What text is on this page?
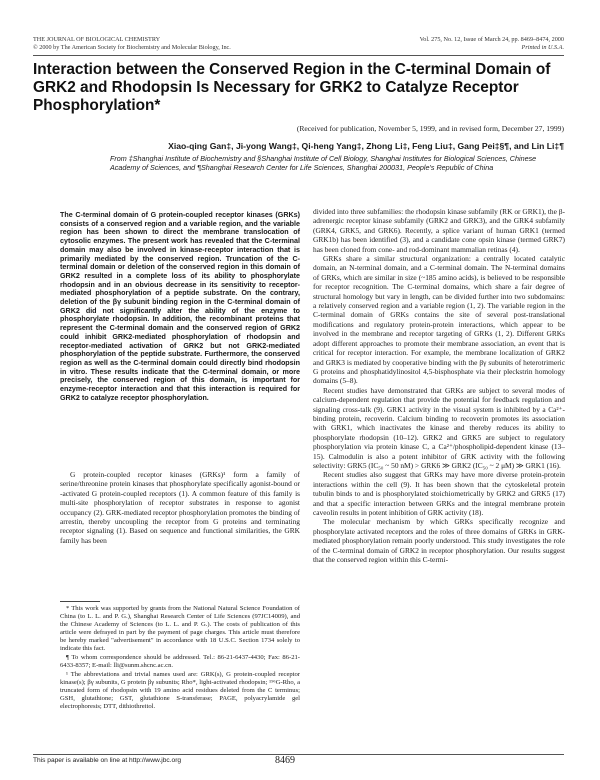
THE JOURNAL OF BIOLOGICAL CHEMISTRY
© 2000 by The American Society for Biochemistry and Molecular Biology, Inc.
Vol. 275, No. 12, Issue of March 24, pp. 8469–8474, 2000
Printed in U.S.A.
Interaction between the Conserved Region in the C-terminal Domain of GRK2 and Rhodopsin Is Necessary for GRK2 to Catalyze Receptor Phosphorylation*
(Received for publication, November 5, 1999, and in revised form, December 27, 1999)
Xiao-qing Gan‡, Ji-yong Wang‡, Qi-heng Yang‡, Zhong Li‡, Feng Liu‡, Gang Pei‡§¶, and Lin Li‡¶
From ‡Shanghai Institute of Biochemistry and §Shanghai Institute of Cell Biology, Shanghai Institutes for Biological Sciences, Chinese Academy of Sciences, and ¶Shanghai Research Center for Life Sciences, Shanghai 200031, People's Republic of China
The C-terminal domain of G protein-coupled receptor kinases (GRKs) consists of a conserved region and a variable region, and the variable region has been shown to direct the membrane translocation of cytosolic enzymes. The present work has revealed that the C-terminal domain may also be involved in kinase-receptor interaction that is primarily mediated by the conserved region. Truncation of the C-terminal domain or deletion of the conserved region in this domain of GRK2 resulted in a complete loss of its ability to phosphorylate rhodopsin and in an obvious decrease in its sensitivity to receptor-mediated phosphorylation of a peptide substrate. On the contrary, deletion of the βγ subunit binding region in the C-terminal domain of GRK2 did not significantly alter the ability of the enzyme to phosphorylate rhodopsin. In addition, the recombinant proteins that represent the C-terminal domain and the conserved region of GRK2 could inhibit GRK2-mediated phosphorylation of rhodopsin and receptor-mediated activation of GRK2 but not GRK2-mediated phosphorylation of the peptide substrate. Furthermore, the conserved region as well as the C-terminal domain could directly bind rhodopsin in vitro. These results indicate that the C-terminal domain, or more precisely, the conserved region of this domain, is important for enzyme-receptor interaction and that this interaction is required for GRK2 to catalyze receptor phosphorylation.

G protein-coupled receptor kinases (GRKs)¹ form a family of serine/threonine protein kinases that phosphorylate specifically agonist-bound or -activated G protein-coupled receptors (1). A common feature of this family is multi-site phosphorylation of receptor substrates in response to agonist occupancy (2). GRK-mediated receptor phosphorylation promotes the binding of arrestin, thereby uncoupling the receptor from G proteins and terminating receptor signaling (1). Based on sequence and functional similarities, the GRK family has been

* This work was supported by grants from the National Natural Science Foundation of China (to L. L. and P. G.), Shanghai Research Center of Life Sciences (97JC14009), and the Chinese Academy of Sciences (to L. L. and P. G.). The costs of publication of this article were defrayed in part by the payment of page charges. This article must therefore be hereby marked "advertisement" in accordance with 18 U.S.C. Section 1734 solely to indicate this fact.

¶ To whom correspondence should be addressed. Tel.: 86-21-6437-4430; Fax: 86-21-6433-8357; E-mail: lli@sunm.shcnc.ac.cn.

¹ The abbreviations and trivial names used are: GRK(s), G protein-coupled receptor kinase(s); βγ subunits, G protein βγ subunits; Rho*, light-activated rhodopsin; ¹⁹⁶G-Rho, a truncated form of rhodopsin with 19 amino acid residues deleted from the C terminus; GSH, glutathione; GST, glutathione S-transferase; PAGE, polyacrylamide gel electrophoresis; DTT, dithiothreitol.

divided into three subfamilies: the rhodopsin kinase subfamily (RK or GRK1), the β-adrenergic receptor kinase subfamily (GRK2 and GRK3), and the GRK4 subfamily (GRK4, GRK5, and GRK6). Recently, a splice variant of human GRK1 (termed GRK1b) has been identified (3), and a candidate cone opsin kinase (termed GRK7) has been cloned from cone- and rod-dominant mammalian retinas (4).

GRKs share a similar structural organization: a centrally located catalytic domain, an N-terminal domain, and a C-terminal domain. The N-terminal domains of GRKs, which are similar in size (~185 amino acids), is believed to be responsible for receptor recognition. The C-terminal domains, which share a fair degree of structural homology but vary in length, can be divided further into two subdomains: a relatively conserved region and a variable region (1, 2). The variable region in the C-terminal domain of GRKs contains the site of several post-translational modifications and regulatory protein-protein interactions, which appear to be involved in the membrane and receptor targeting of GRKs (1, 2). Different GRKs adopt different approaches to promote their membrane association, an event that is critical for receptor interaction. For example, the membrane localization of GRK2 and GRK3 is mediated by cooperative binding with the βγ subunits of heterotrimeric G proteins and phosphatidylinositol 4,5-bisphosphate via their pleckstrin homology domains (5–8).

Recent studies have demonstrated that GRKs are subject to several modes of calcium-dependent regulation that provide the potential for feedback regulation and signaling cross-talk (9). GRK1 activity in the visual system is inhibited by a Ca²⁺-binding protein, recoverin. Calcium binding to recoverin promotes its association with GRK1, which inactivates the kinase and thereby reduces its ability to phosphorylate rhodopsin (10–12). GRK2 and GRK5 are subject to regulatory phosphorylation via protein kinase C, a Ca²⁺/phospholipid-dependent kinase (13–15). Calmodulin is also a potent inhibitor of GRK activity with the following selectivity: GRK5 (IC₅₀ ~ 50 nM) > GRK6 ≫ GRK2 (IC₅₀ ~ 2 μM) ≫ GRK1 (16).

Recent studies also suggest that GRKs may have more diverse protein-protein interactions within the cell (9). It has been shown that the cytoskeletal protein tubulin binds to and is phosphorylated stoichiometrically by GRK2 and GRK5 (17) and that a specific interaction between GRKs and the integral membrane protein caveolin results in potent inhibition of GRK activity (18).

The molecular mechanism by which GRKs specifically recognize and phosphorylate activated receptors and the roles of three domains of GRKs in GRK-mediated phosphorylation remain poorly understood. This study investigates the role of the C-terminal domain of GRK2 in receptor phosphorylation. Our results suggest that the conserved region within this C-termi-

This paper is available on line at http://www.jbc.org	8469
